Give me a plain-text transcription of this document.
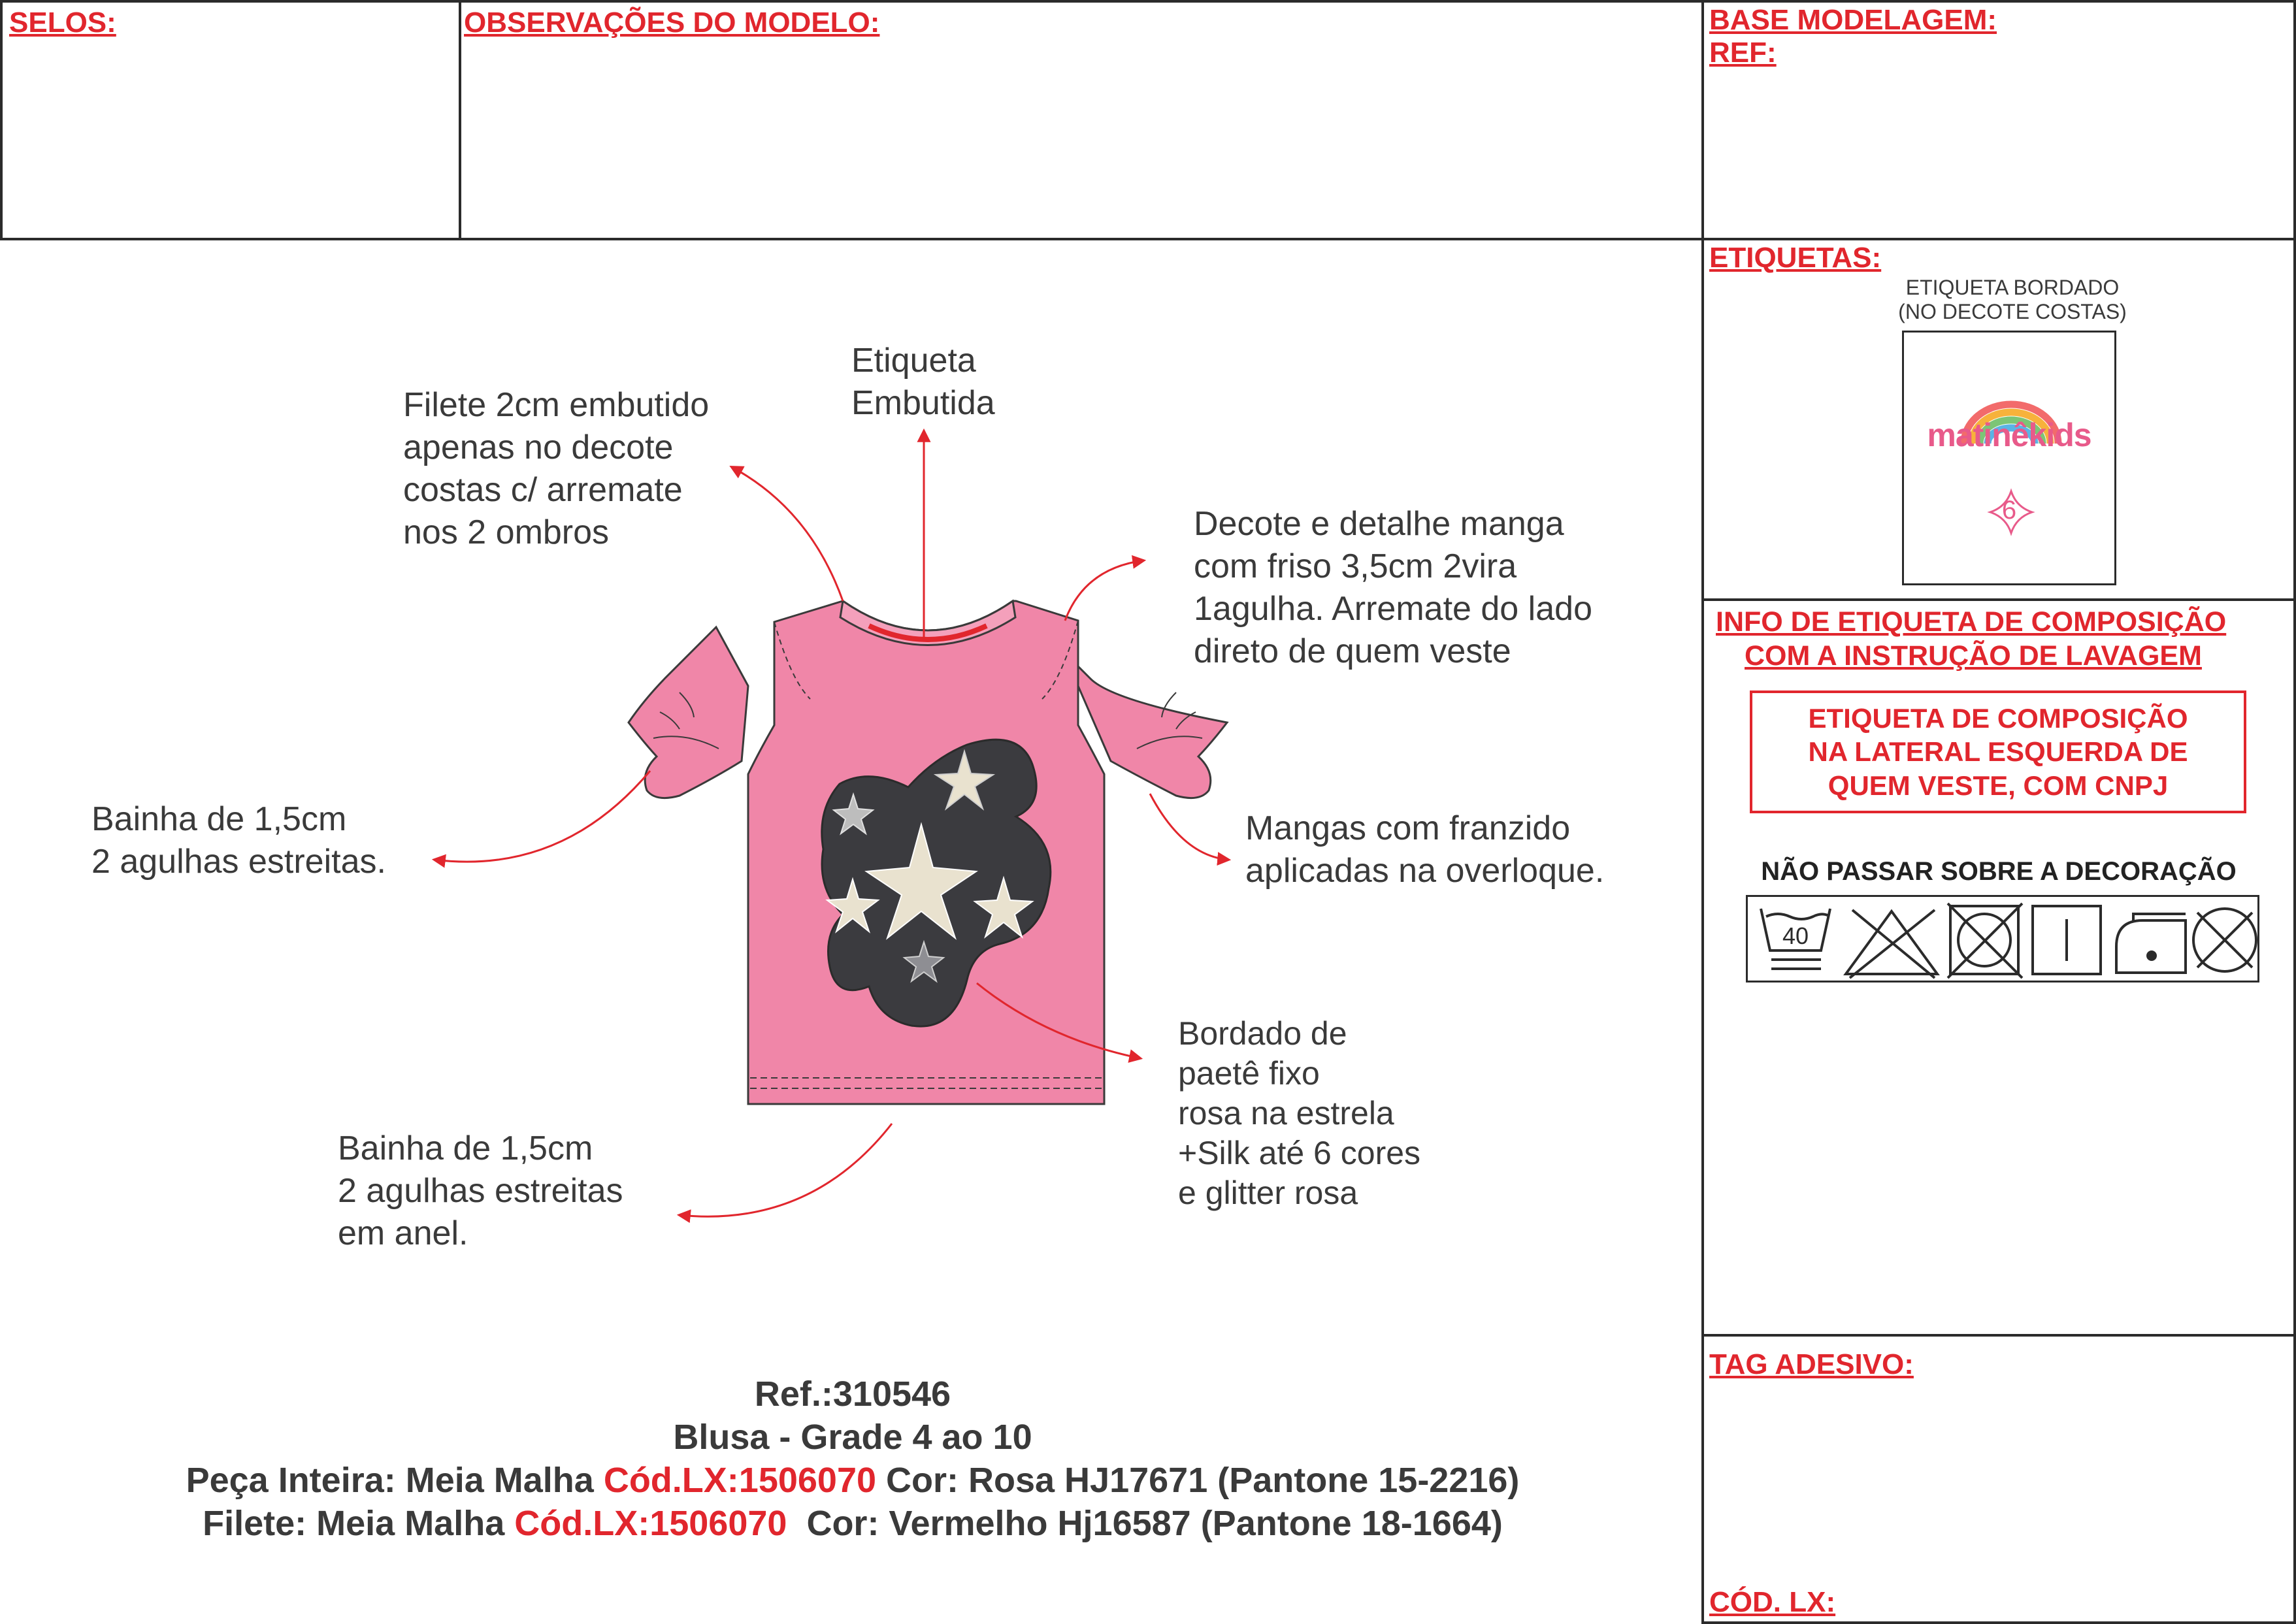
SELOS:	OBSERVAÇÕES DO MODELO:	BASE MODELAGEM:
REF:
ETIQUETAS:
ETIQUETA BORDADO
(NO DECOTE COSTAS)
matinêkids
6
INFO DE ETIQUETA DE COMPOSIÇÃO
COM A INSTRUÇÃO DE LAVAGEM
ETIQUETA DE COMPOSIÇÃO NA LATERAL ESQUERDA DE QUEM VESTE, COM CNPJ
NÃO PASSAR SOBRE A DECORAÇÃO
40
TAG ADESIVO:
CÓD. LX:
Filete 2cm embutido
apenas no decote
costas c/ arremate
nos 2 ombros
Etiqueta
Embutida
Decote e detalhe manga
com friso 3,5cm 2vira
1agulha. Arremate do lado
direto de quem veste
Bainha de 1,5cm
2 agulhas estreitas.
Mangas com franzido
aplicadas na overloque.
Bordado de
paetê fixo
rosa na estrela
+Silk até 6 cores
e glitter rosa
Bainha de 1,5cm
2 agulhas estreitas
em anel.
Ref.:310546
Blusa - Grade 4 ao 10
Peça Inteira: Meia Malha Cód.LX:1506070 Cor: Rosa HJ17671 (Pantone 15-2216)
Filete: Meia Malha Cód.LX:1506070  Cor: Vermelho Hj16587 (Pantone 18-1664)
